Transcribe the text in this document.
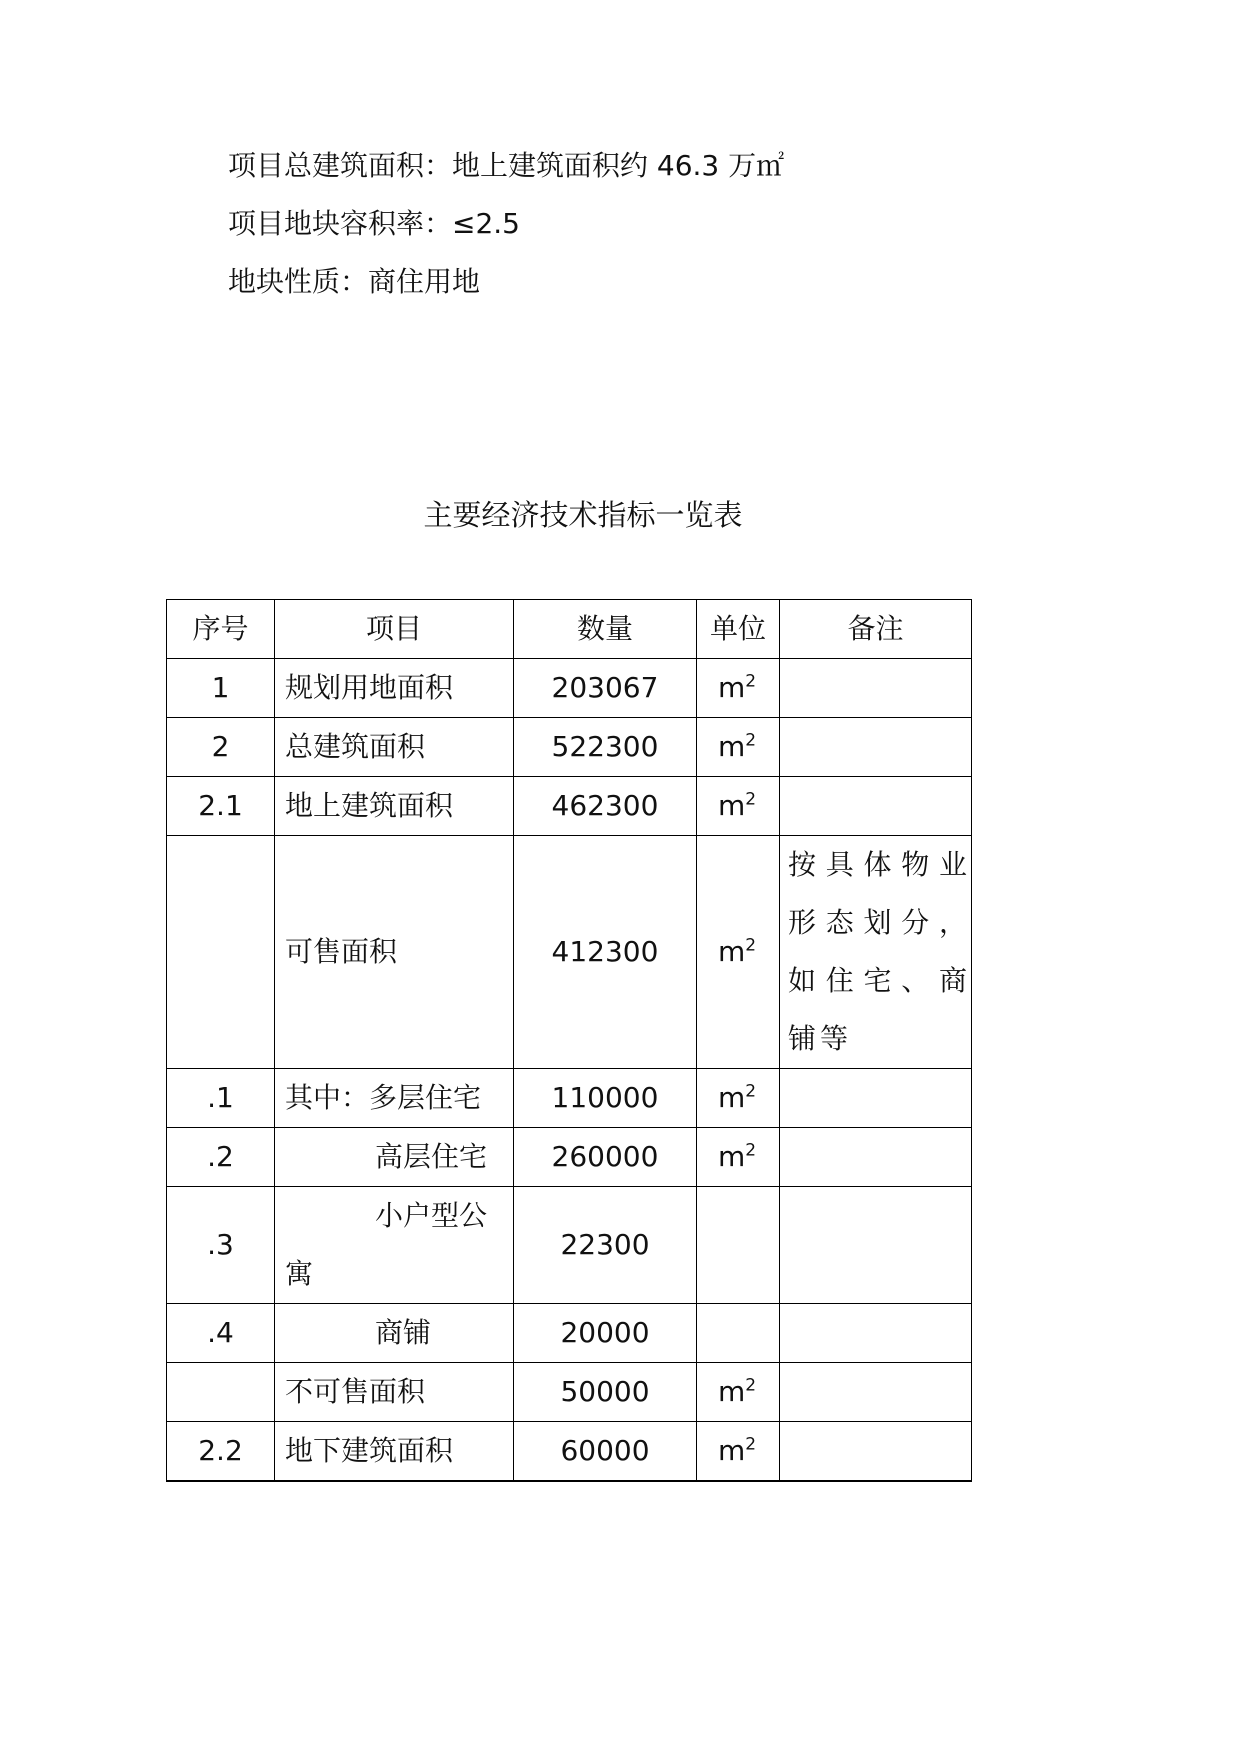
项目总建筑面积：地上建筑面积约 46.3 万㎡
项目地块容积率：≤2.5
地块性质：商住用地
主要经济技术指标一览表
序号	项目	数量	单位	备注
1	规划用地面积	203067	$m^2$	
2	总建筑面积	522300	$m^2$	
2.1	地上建筑面积	462300	$m^2$	
	可售面积	412300	$m^2$	按具体物业形态划分，如住宅、商铺等
.1	其中：多层住宅	110000	$m^2$	
.2	高层住宅	260000	$m^2$	
.3	小户型公寓	22300		
.4	商铺	20000		
	不可售面积	50000	$m^2$	
2.2	地下建筑面积	60000	$m^2$	
